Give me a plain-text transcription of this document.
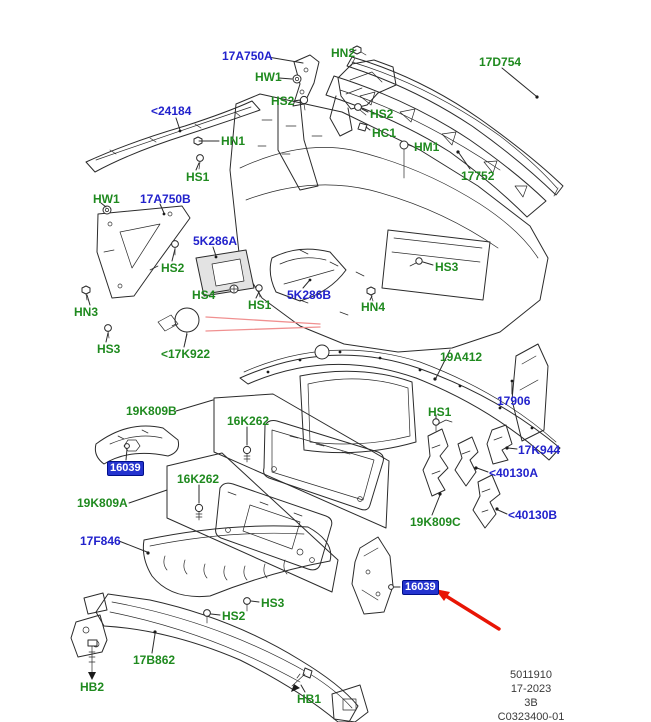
17A750A	HN2
HW1
HS2
17D754
<24184	HS2
HC1
HN1	HM1
HS1	17752
HW1 17A750B
5K286A
HS2
HS4
HS1
5K286B
HN3
HS3	<17K922
HS3
HN4
19A412
17906
HS1
19K809B
16K262
16K262
19K809A
17K944
<40130A
<40130B
19K809C
17F846
HS3
HS2
17B862
HB2
HB1
16039
16039
5011910
17-2023
3B
C0323400-01
